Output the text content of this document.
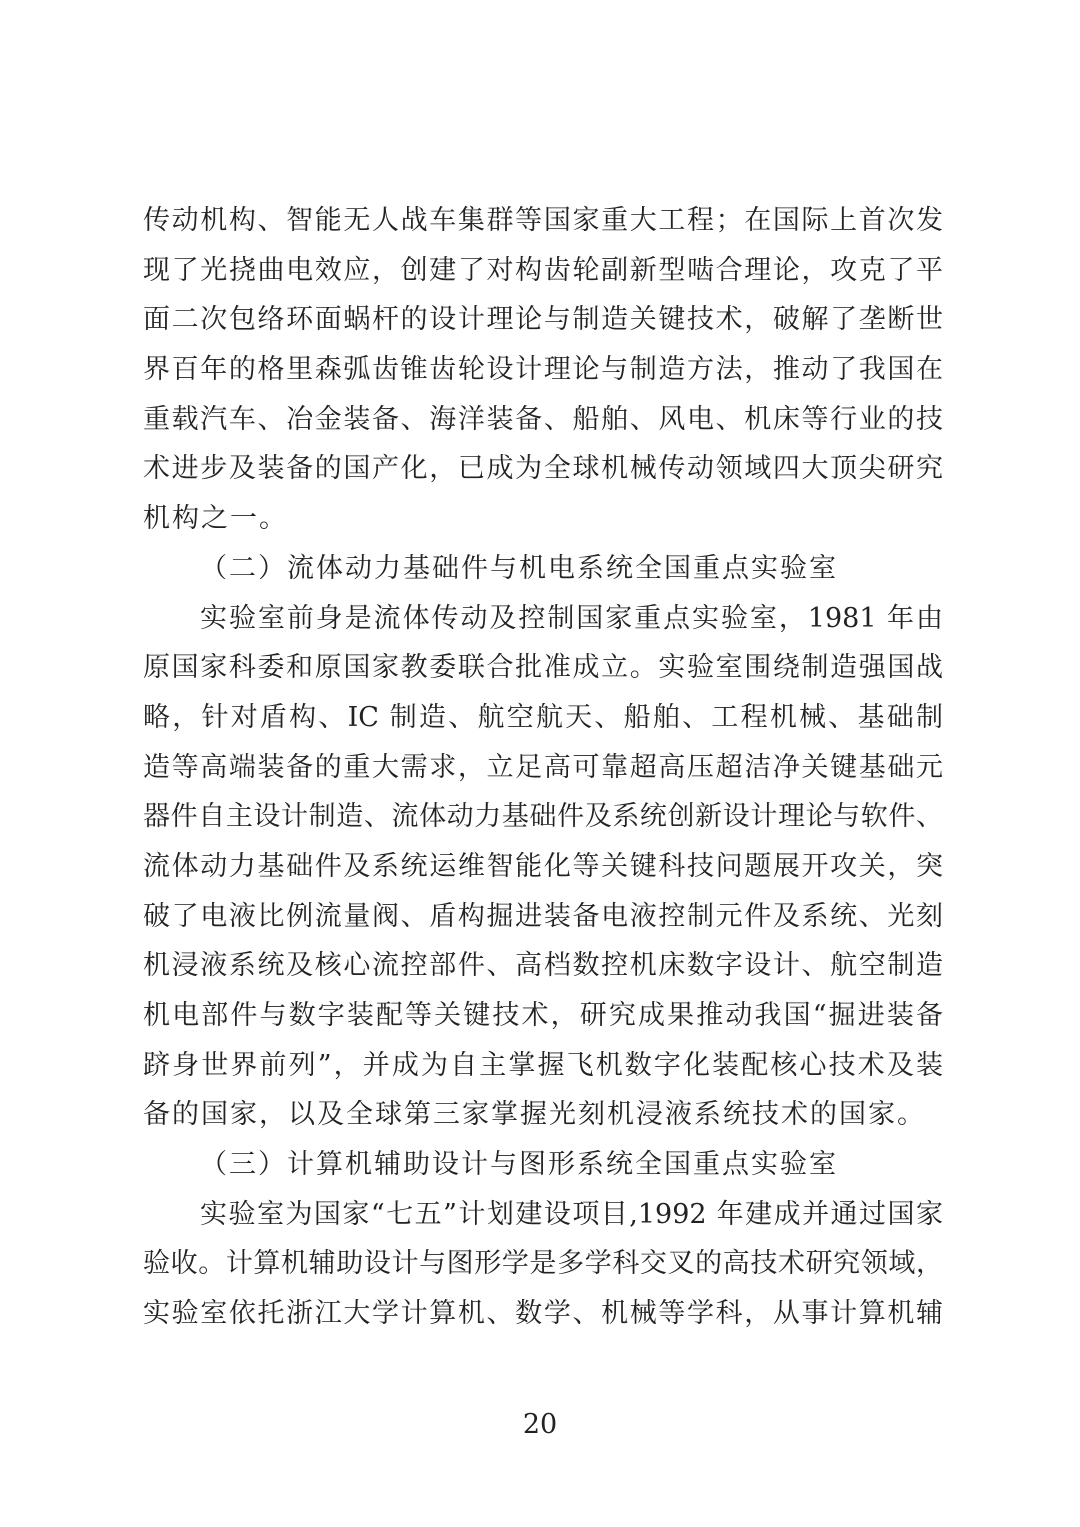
传动机构、智能无人战车集群等国家重大工程；在国际上首次发
现了光挠曲电效应，创建了对构齿轮副新型啮合理论，攻克了平
面二次包络环面蜗杆的设计理论与制造关键技术，破解了垄断世
界百年的格里森弧齿锥齿轮设计理论与制造方法，推动了我国在
重载汽车、冶金装备、海洋装备、船舶、风电、机床等行业的技
术进步及装备的国产化，已成为全球机械传动领域四大顶尖研究
机构之一。
（二）流体动力基础件与机电系统全国重点实验室
实验室前身是流体传动及控制国家重点实验室，1981 年由
原国家科委和原国家教委联合批准成立。实验室围绕制造强国战
略，针对盾构、IC 制造、航空航天、船舶、工程机械、基础制
造等高端装备的重大需求，立足高可靠超高压超洁净关键基础元
器件自主设计制造、流体动力基础件及系统创新设计理论与软件、
流体动力基础件及系统运维智能化等关键科技问题展开攻关，突
破了电液比例流量阀、盾构掘进装备电液控制元件及系统、光刻
机浸液系统及核心流控部件、高档数控机床数字设计、航空制造
机电部件与数字装配等关键技术，研究成果推动我国“掘进装备
跻身世界前列”，并成为自主掌握飞机数字化装配核心技术及装
备的国家，以及全球第三家掌握光刻机浸液系统技术的国家。
（三）计算机辅助设计与图形系统全国重点实验室
实验室为国家“七五”计划建设项目,1992 年建成并通过国家
验收。计算机辅助设计与图形学是多学科交叉的高技术研究领域，
实验室依托浙江大学计算机、数学、机械等学科，从事计算机辅
20
